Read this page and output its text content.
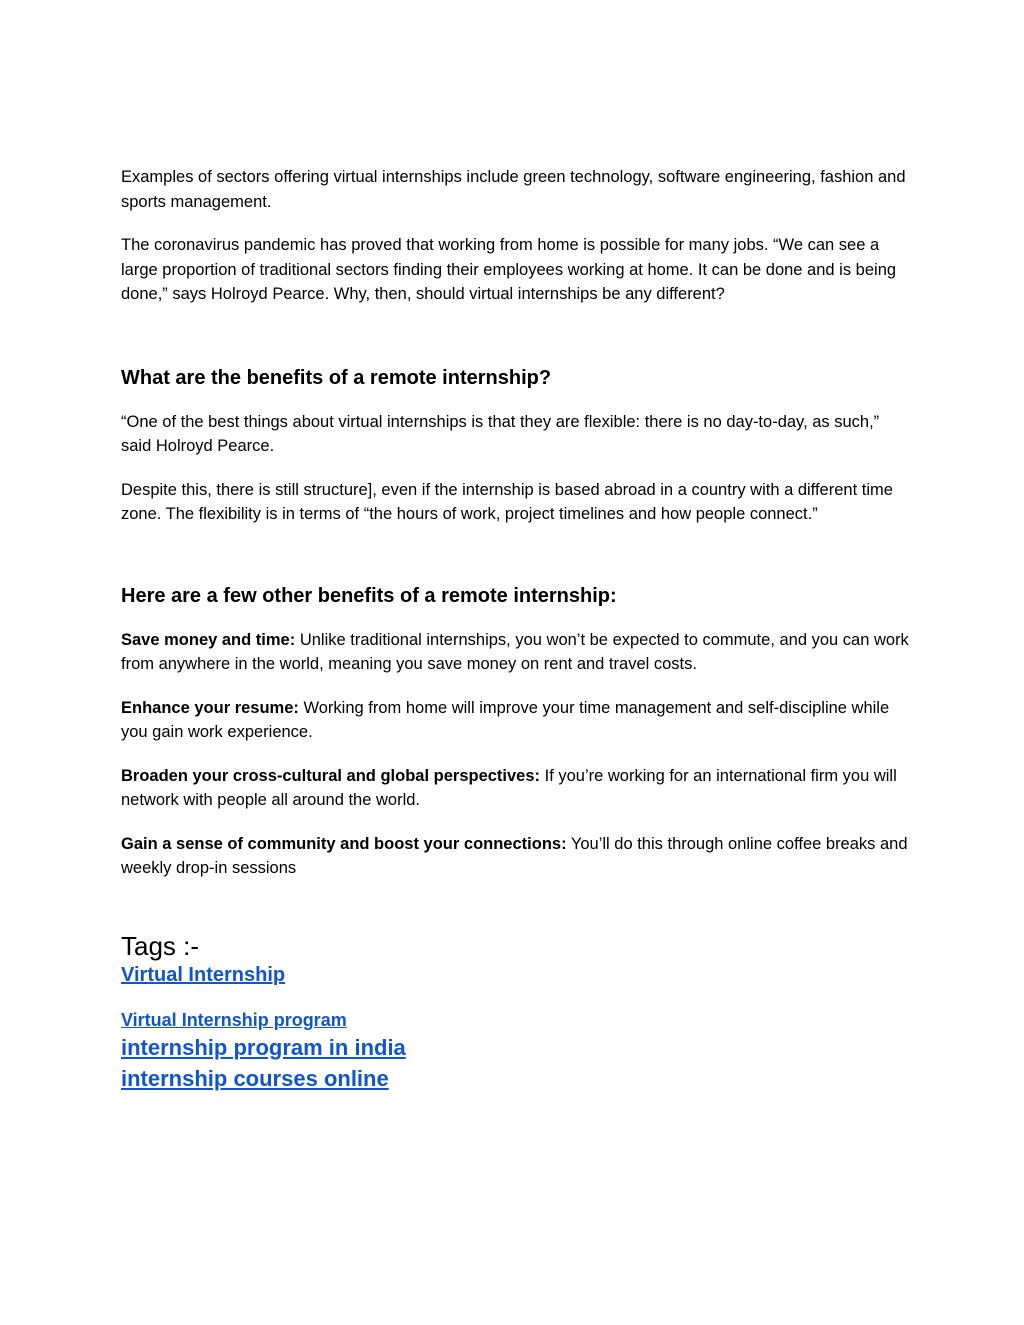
Examples of sectors offering virtual internships include green technology, software engineering, fashion and sports management.

The coronavirus pandemic has proved that working from home is possible for many jobs. “We can see a large proportion of traditional sectors finding their employees working at home. It can be done and is being done,” says Holroyd Pearce. Why, then, should virtual internships be any different?

What are the benefits of a remote internship?

“One of the best things about virtual internships is that they are flexible: there is no day-to-day, as such,” said Holroyd Pearce.

Despite this, there is still structure], even if the internship is based abroad in a country with a different time zone. The flexibility is in terms of “the hours of work, project timelines and how people connect.”

Here are a few other benefits of a remote internship:

Save money and time: Unlike traditional internships, you won’t be expected to commute, and you can work from anywhere in the world, meaning you save money on rent and travel costs.

Enhance your resume: Working from home will improve your time management and self-discipline while you gain work experience.

Broaden your cross-cultural and global perspectives: If you’re working for an international firm you will network with people all around the world.

Gain a sense of community and boost your connections: You’ll do this through online coffee breaks and weekly drop-in sessions

Tags :-
Virtual Internship
Virtual Internship program
internship program in india
internship courses online
